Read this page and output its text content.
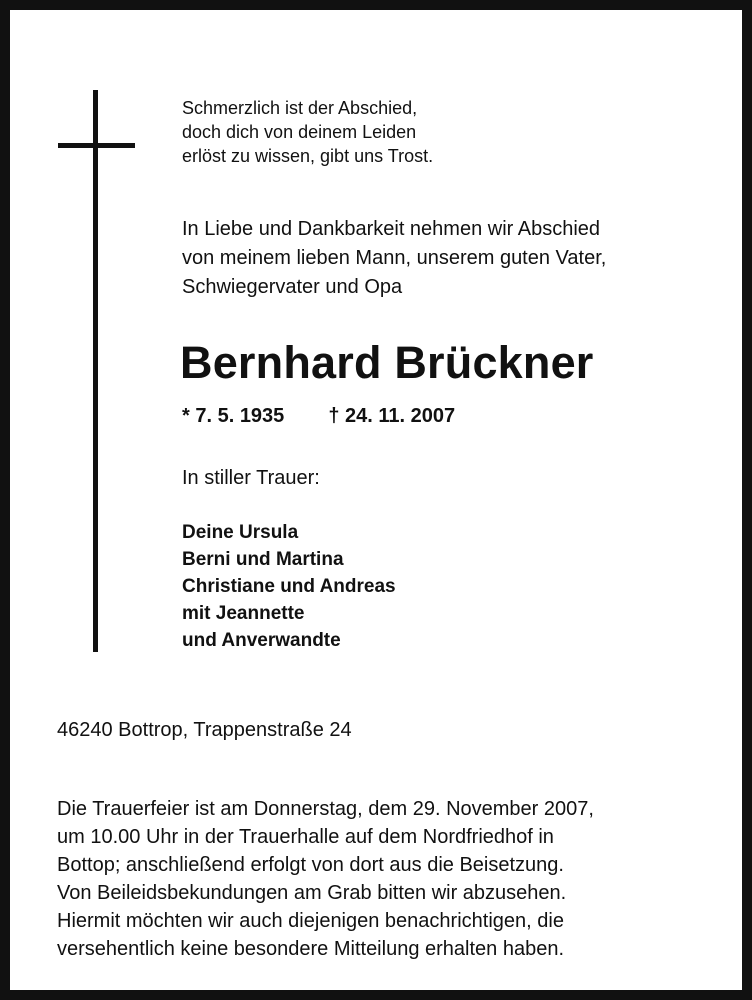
Schmerzlich ist der Abschied,
doch dich von deinem Leiden
erlöst zu wissen, gibt uns Trost.
In Liebe und Dankbarkeit nehmen wir Abschied
von meinem lieben Mann, unserem guten Vater,
Schwiegervater und Opa
Bernhard Brückner
* 7. 5. 1935 † 24. 11. 2007
In stiller Trauer:
Deine Ursula
Berni und Martina
Christiane und Andreas
mit Jeannette
und Anverwandte
46240 Bottrop, Trappenstraße 24
Die Trauerfeier ist am Donnerstag, dem 29. November 2007,
um 10.00 Uhr in der Trauerhalle auf dem Nordfriedhof in
Bottop; anschließend erfolgt von dort aus die Beisetzung.
Von Beileidsbekundungen am Grab bitten wir abzusehen.
Hiermit möchten wir auch diejenigen benachrichtigen, die
versehentlich keine besondere Mitteilung erhalten haben.
